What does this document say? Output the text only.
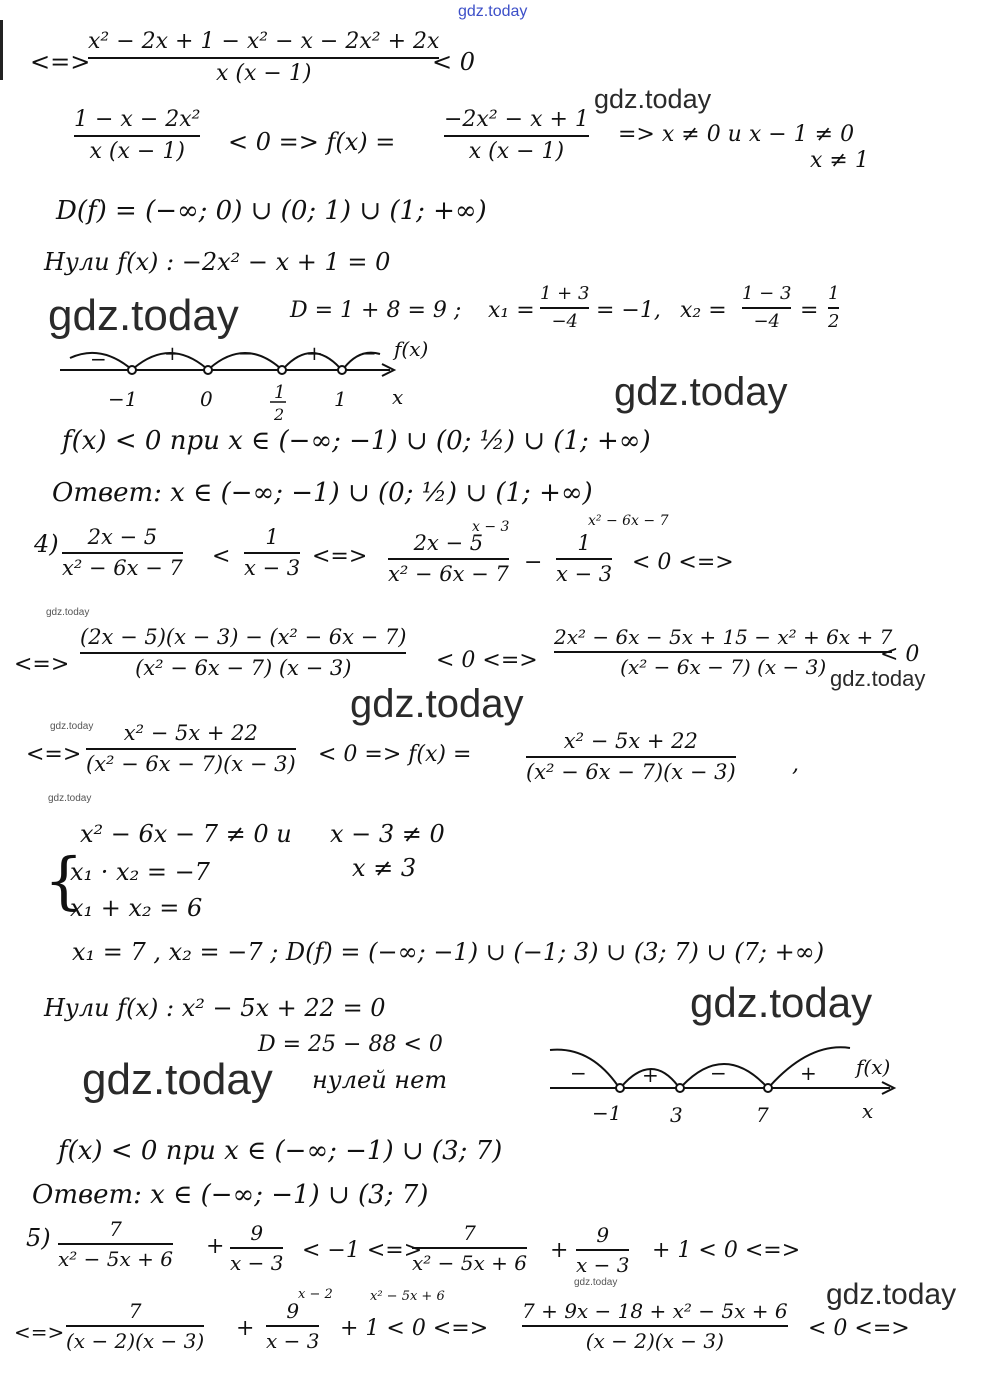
gdz.today
<=>
x² − 2x + 1 − x² − x − 2x² + 2x
x (x − 1)	< 0
gdz.today
1 − x − 2x²
x (x − 1) < 0 => f(x) =
−2x² − x + 1
x (x − 1)
=> x ≠ 0 и x − 1 ≠ 0
x ≠ 1
D(f) = (−∞; 0) ∪ (0; 1) ∪ (1; +∞)
Нули f(x) : −2x² − x + 1 = 0
gdz.today D = 1 + 8 = 9 ; x₁ =
1 + 3
−4 = −1, x₂ =
1 − 3
−4 =
1
2
−	+	−	+ − f(x)
−1	0	1
2
1 x	gdz.today
f(x) < 0 при x ∈ (−∞; −1) ∪ (0; ½) ∪ (1; +∞)
Ответ: x ∈ (−∞; −1) ∪ (0; ½) ∪ (1; +∞)
4) 2x − 5
x² − 6x − 7 <
1
x − 3 <=>
x − 3
2x − 5
x² − 6x − 7 −
x² − 6x − 7
1
x − 3 < 0 <=>
gdz.today
<=>
(2x − 5)(x − 3) − (x² − 6x − 7)
(x² − 6x − 7) (x − 3)	< 0 <=>
2x² − 6x − 5x + 15 − x² + 6x + 7
(x² − 6x − 7) (x − 3) < 0
gdz.today
gdz.today
gdz.today
<=>
x² − 5x + 22
(x² − 6x − 7)(x − 3) < 0 => f(x) =
x² − 5x + 22
(x² − 6x − 7)(x − 3)	,
gdz.today
x² − 6x − 7 ≠ 0 и x − 3 ≠ 0
{
x₁ · x₂ = −7	x ≠ 3
x₁ + x₂ = 6
x₁ = 7 , x₂ = −7 ; D(f) = (−∞; −1) ∪ (−1; 3) ∪ (3; 7) ∪ (7; +∞)
Нули f(x) : x² − 5x + 22 = 0	gdz.today
D = 25 − 88 < 0
gdz.today нулей нет	−	+	−	+ f(x)
−1 3	7	x
f(x) < 0 при x ∈ (−∞; −1) ∪ (3; 7)
Ответ: x ∈ (−∞; −1) ∪ (3; 7)
5)	7
x² − 5x + 6 +
9
x − 3 < −1 <=>
7
x² − 5x + 6 +
9
x − 3
+ 1 < 0 <=>
gdz.today	gdz.today
<=>
7
(x − 2)(x − 3) +
x − 2
9
x − 3
x² − 5x + 6
+ 1 < 0 <=>
7 + 9x − 18 + x² − 5x + 6
(x − 2)(x − 3)	< 0 <=>
